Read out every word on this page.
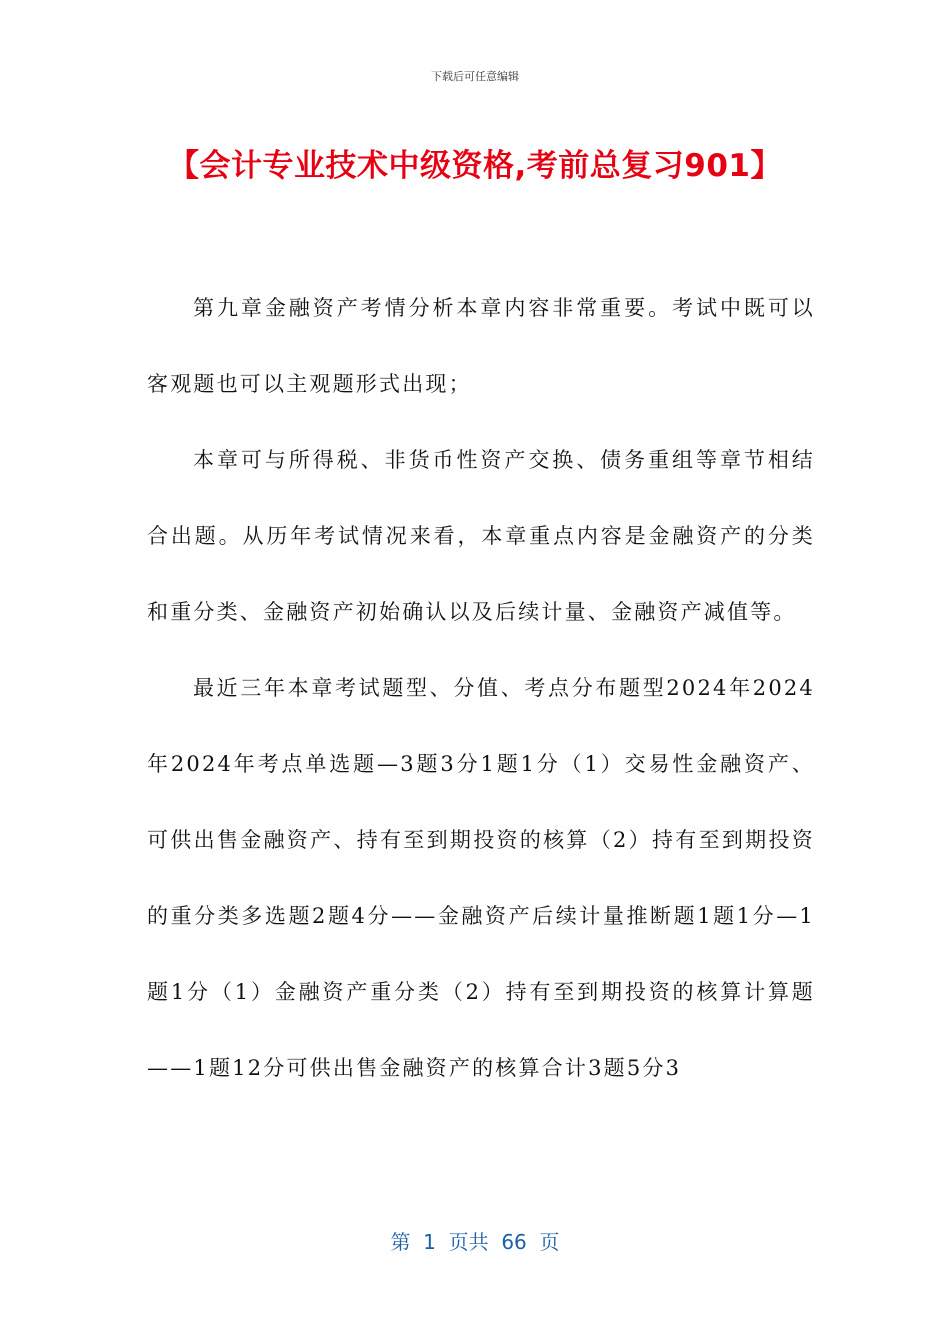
下载后可任意编辑
【会计专业技术中级资格,考前总复习901】

第九章金融资产考情分析本章内容非常重要。考试中既可以客观题也可以主观题形式出现；

本章可与所得税、非货币性资产交换、债务重组等章节相结合出题。从历年考试情况来看，本章重点内容是金融资产的分类和重分类、金融资产初始确认以及后续计量、金融资产减值等。

最近三年本章考试题型、分值、考点分布题型2024年2024年2024年考点单选题—3题3分1题1分（1）交易性金融资产、可供出售金融资产、持有至到期投资的核算（2）持有至到期投资的重分类多选题2题4分——金融资产后续计量推断题1题1分—1题1分（1）金融资产重分类（2）持有至到期投资的核算计算题——1题12分可供出售金融资产的核算合计3题5分3

第  1  页共  66  页
